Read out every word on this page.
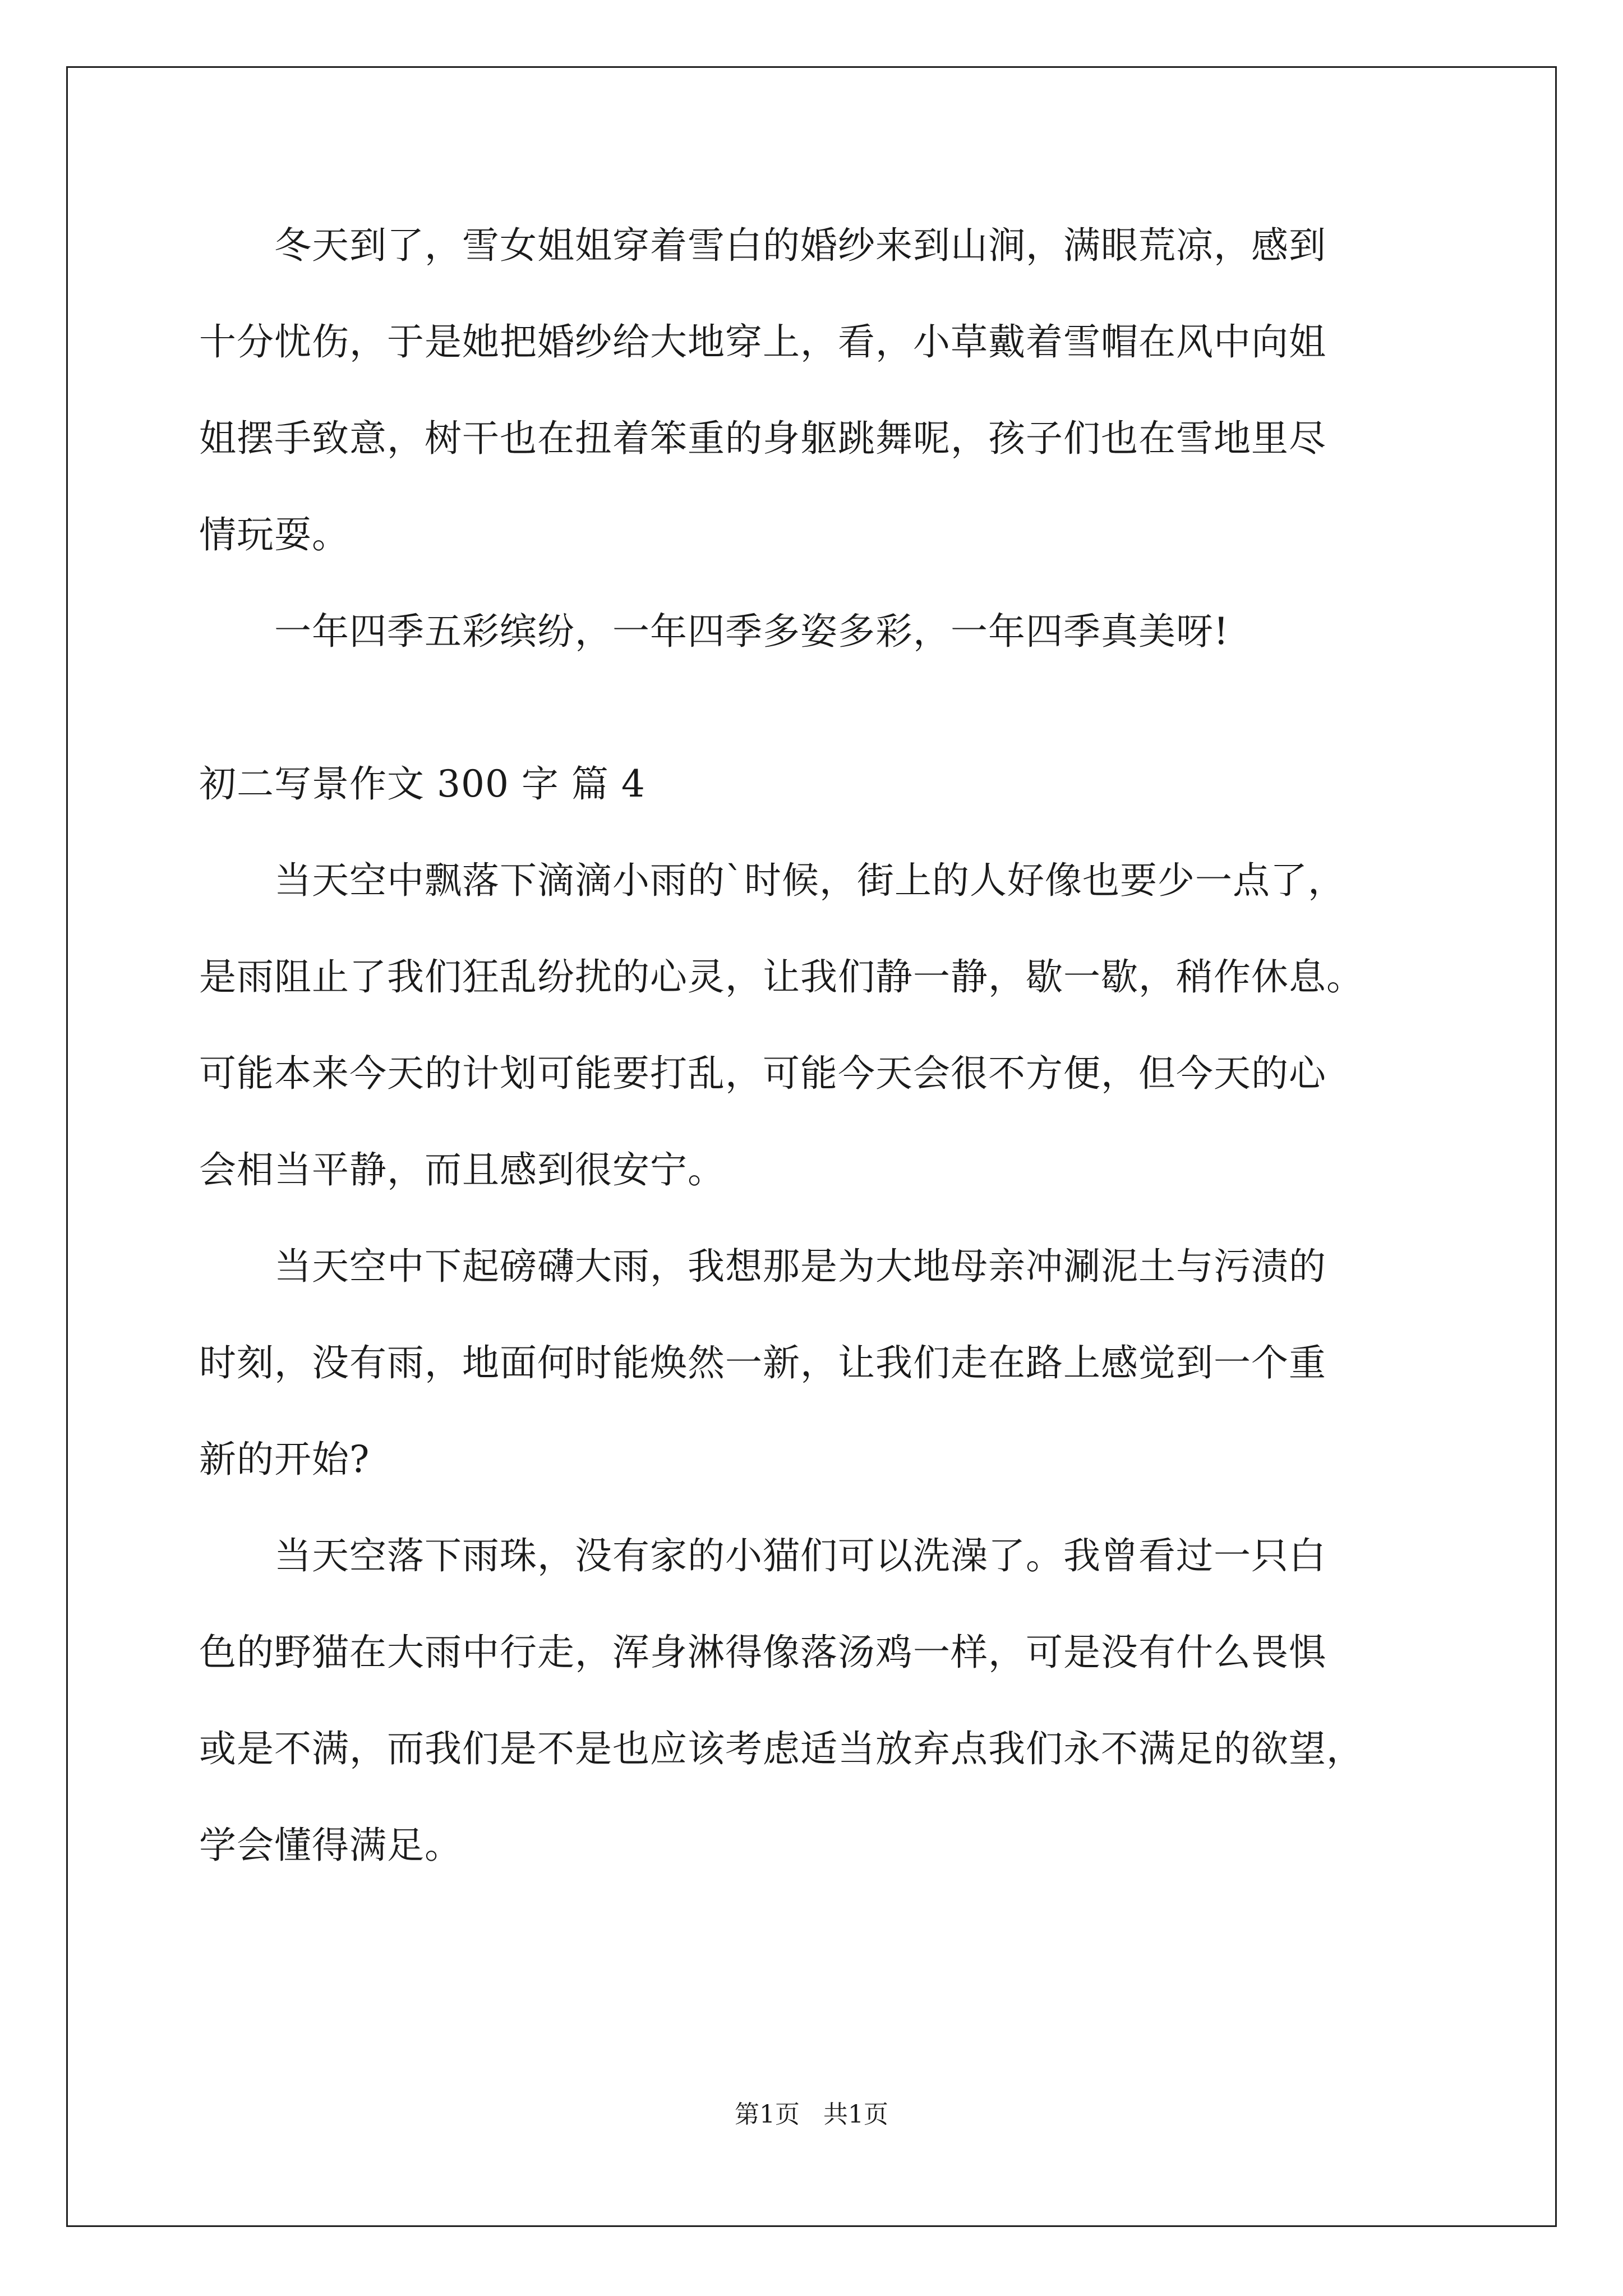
　　冬天到了，雪女姐姐穿着雪白的婚纱来到山涧，满眼荒凉，感到
十分忧伤，于是她把婚纱给大地穿上，看，小草戴着雪帽在风中向姐
姐摆手致意，树干也在扭着笨重的身躯跳舞呢，孩子们也在雪地里尽
情玩耍。
　　一年四季五彩缤纷，一年四季多姿多彩，一年四季真美呀!
初二写景作文 300 字 篇 4
　　当天空中飘落下滴滴小雨的`时候，街上的人好像也要少一点了，
是雨阻止了我们狂乱纷扰的心灵，让我们静一静，歇一歇，稍作休息。
可能本来今天的计划可能要打乱，可能今天会很不方便，但今天的心
会相当平静，而且感到很安宁。
　　当天空中下起磅礴大雨，我想那是为大地母亲冲涮泥土与污渍的
时刻，没有雨，地面何时能焕然一新，让我们走在路上感觉到一个重
新的开始?
　　当天空落下雨珠，没有家的小猫们可以洗澡了。我曾看过一只白
色的野猫在大雨中行走，浑身淋得像落汤鸡一样，可是没有什么畏惧
或是不满，而我们是不是也应该考虑适当放弃点我们永不满足的欲望，
学会懂得满足。
第1页   共1页
